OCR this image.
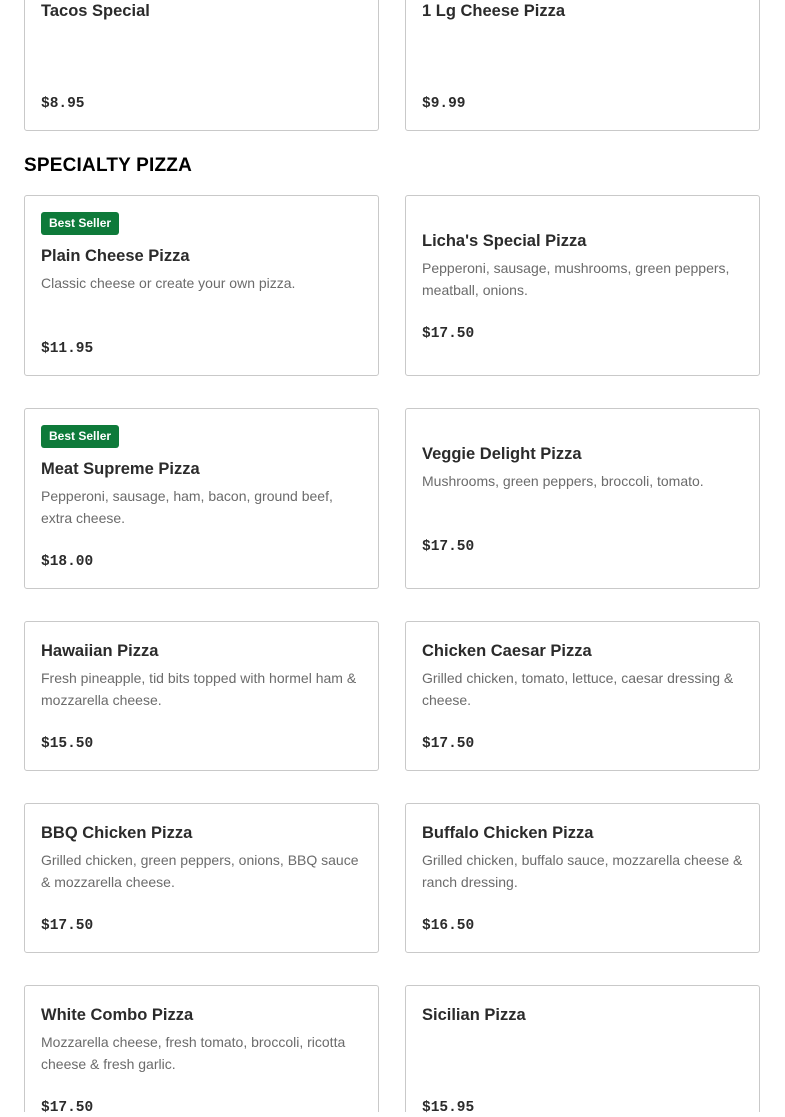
Tacos Special
$8.95
1 Lg Cheese Pizza
$9.99
SPECIALTY PIZZA
Best Seller
Plain Cheese Pizza
Classic cheese or create your own pizza.
$11.95
Licha's Special Pizza
Pepperoni, sausage, mushrooms, green peppers, meatball, onions.
$17.50
Best Seller
Meat Supreme Pizza
Pepperoni, sausage, ham, bacon, ground beef, extra cheese.
$18.00
Veggie Delight Pizza
Mushrooms, green peppers, broccoli, tomato.
$17.50
Hawaiian Pizza
Fresh pineapple, tid bits topped with hormel ham & mozzarella cheese.
$15.50
Chicken Caesar Pizza
Grilled chicken, tomato, lettuce, caesar dressing & cheese.
$17.50
BBQ Chicken Pizza
Grilled chicken, green peppers, onions, BBQ sauce & mozzarella cheese.
$17.50
Buffalo Chicken Pizza
Grilled chicken, buffalo sauce, mozzarella cheese & ranch dressing.
$16.50
White Combo Pizza
Mozzarella cheese, fresh tomato, broccoli, ricotta cheese & fresh garlic.
$17.50
Sicilian Pizza
$15.95
